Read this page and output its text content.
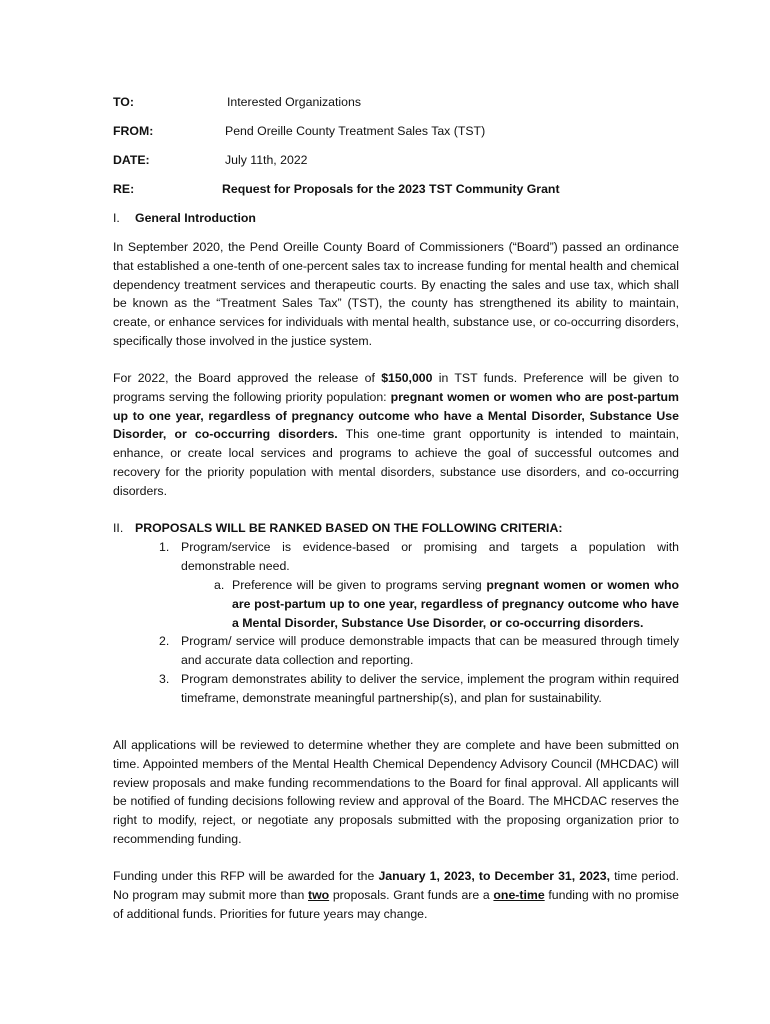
TO:	Interested Organizations
FROM:	Pend Oreille County Treatment Sales Tax (TST)
DATE:	July 11th, 2022
RE:	Request for Proposals for the 2023 TST Community Grant
I. General Introduction
In September 2020, the Pend Oreille County Board of Commissioners (“Board”) passed an ordinance that established a one-tenth of one-percent sales tax to increase funding for mental health and chemical dependency treatment services and therapeutic courts. By enacting the sales and use tax, which shall be known as the “Treatment Sales Tax” (TST), the county has strengthened its ability to maintain, create, or enhance services for individuals with mental health, substance use, or co-occurring disorders, specifically those involved in the justice system.
For 2022, the Board approved the release of $150,000 in TST funds. Preference will be given to programs serving the following priority population: pregnant women or women who are post-partum up to one year, regardless of pregnancy outcome who have a Mental Disorder, Substance Use Disorder, or co-occurring disorders. This one-time grant opportunity is intended to maintain, enhance, or create local services and programs to achieve the goal of successful outcomes and recovery for the priority population with mental disorders, substance use disorders, and co-occurring disorders.
II. PROPOSALS WILL BE RANKED BASED ON THE FOLLOWING CRITERIA:
1. Program/service is evidence-based or promising and targets a population with demonstrable need.
a. Preference will be given to programs serving pregnant women or women who are post-partum up to one year, regardless of pregnancy outcome who have a Mental Disorder, Substance Use Disorder, or co-occurring disorders.
2. Program/ service will produce demonstrable impacts that can be measured through timely and accurate data collection and reporting.
3. Program demonstrates ability to deliver the service, implement the program within required timeframe, demonstrate meaningful partnership(s), and plan for sustainability.
All applications will be reviewed to determine whether they are complete and have been submitted on time. Appointed members of the Mental Health Chemical Dependency Advisory Council (MHCDAC) will review proposals and make funding recommendations to the Board for final approval. All applicants will be notified of funding decisions following review and approval of the Board. The MHCDAC reserves the right to modify, reject, or negotiate any proposals submitted with the proposing organization prior to recommending funding.
Funding under this RFP will be awarded for the January 1, 2023, to December 31, 2023, time period. No program may submit more than two proposals. Grant funds are a one-time funding with no promise of additional funds. Priorities for future years may change.
